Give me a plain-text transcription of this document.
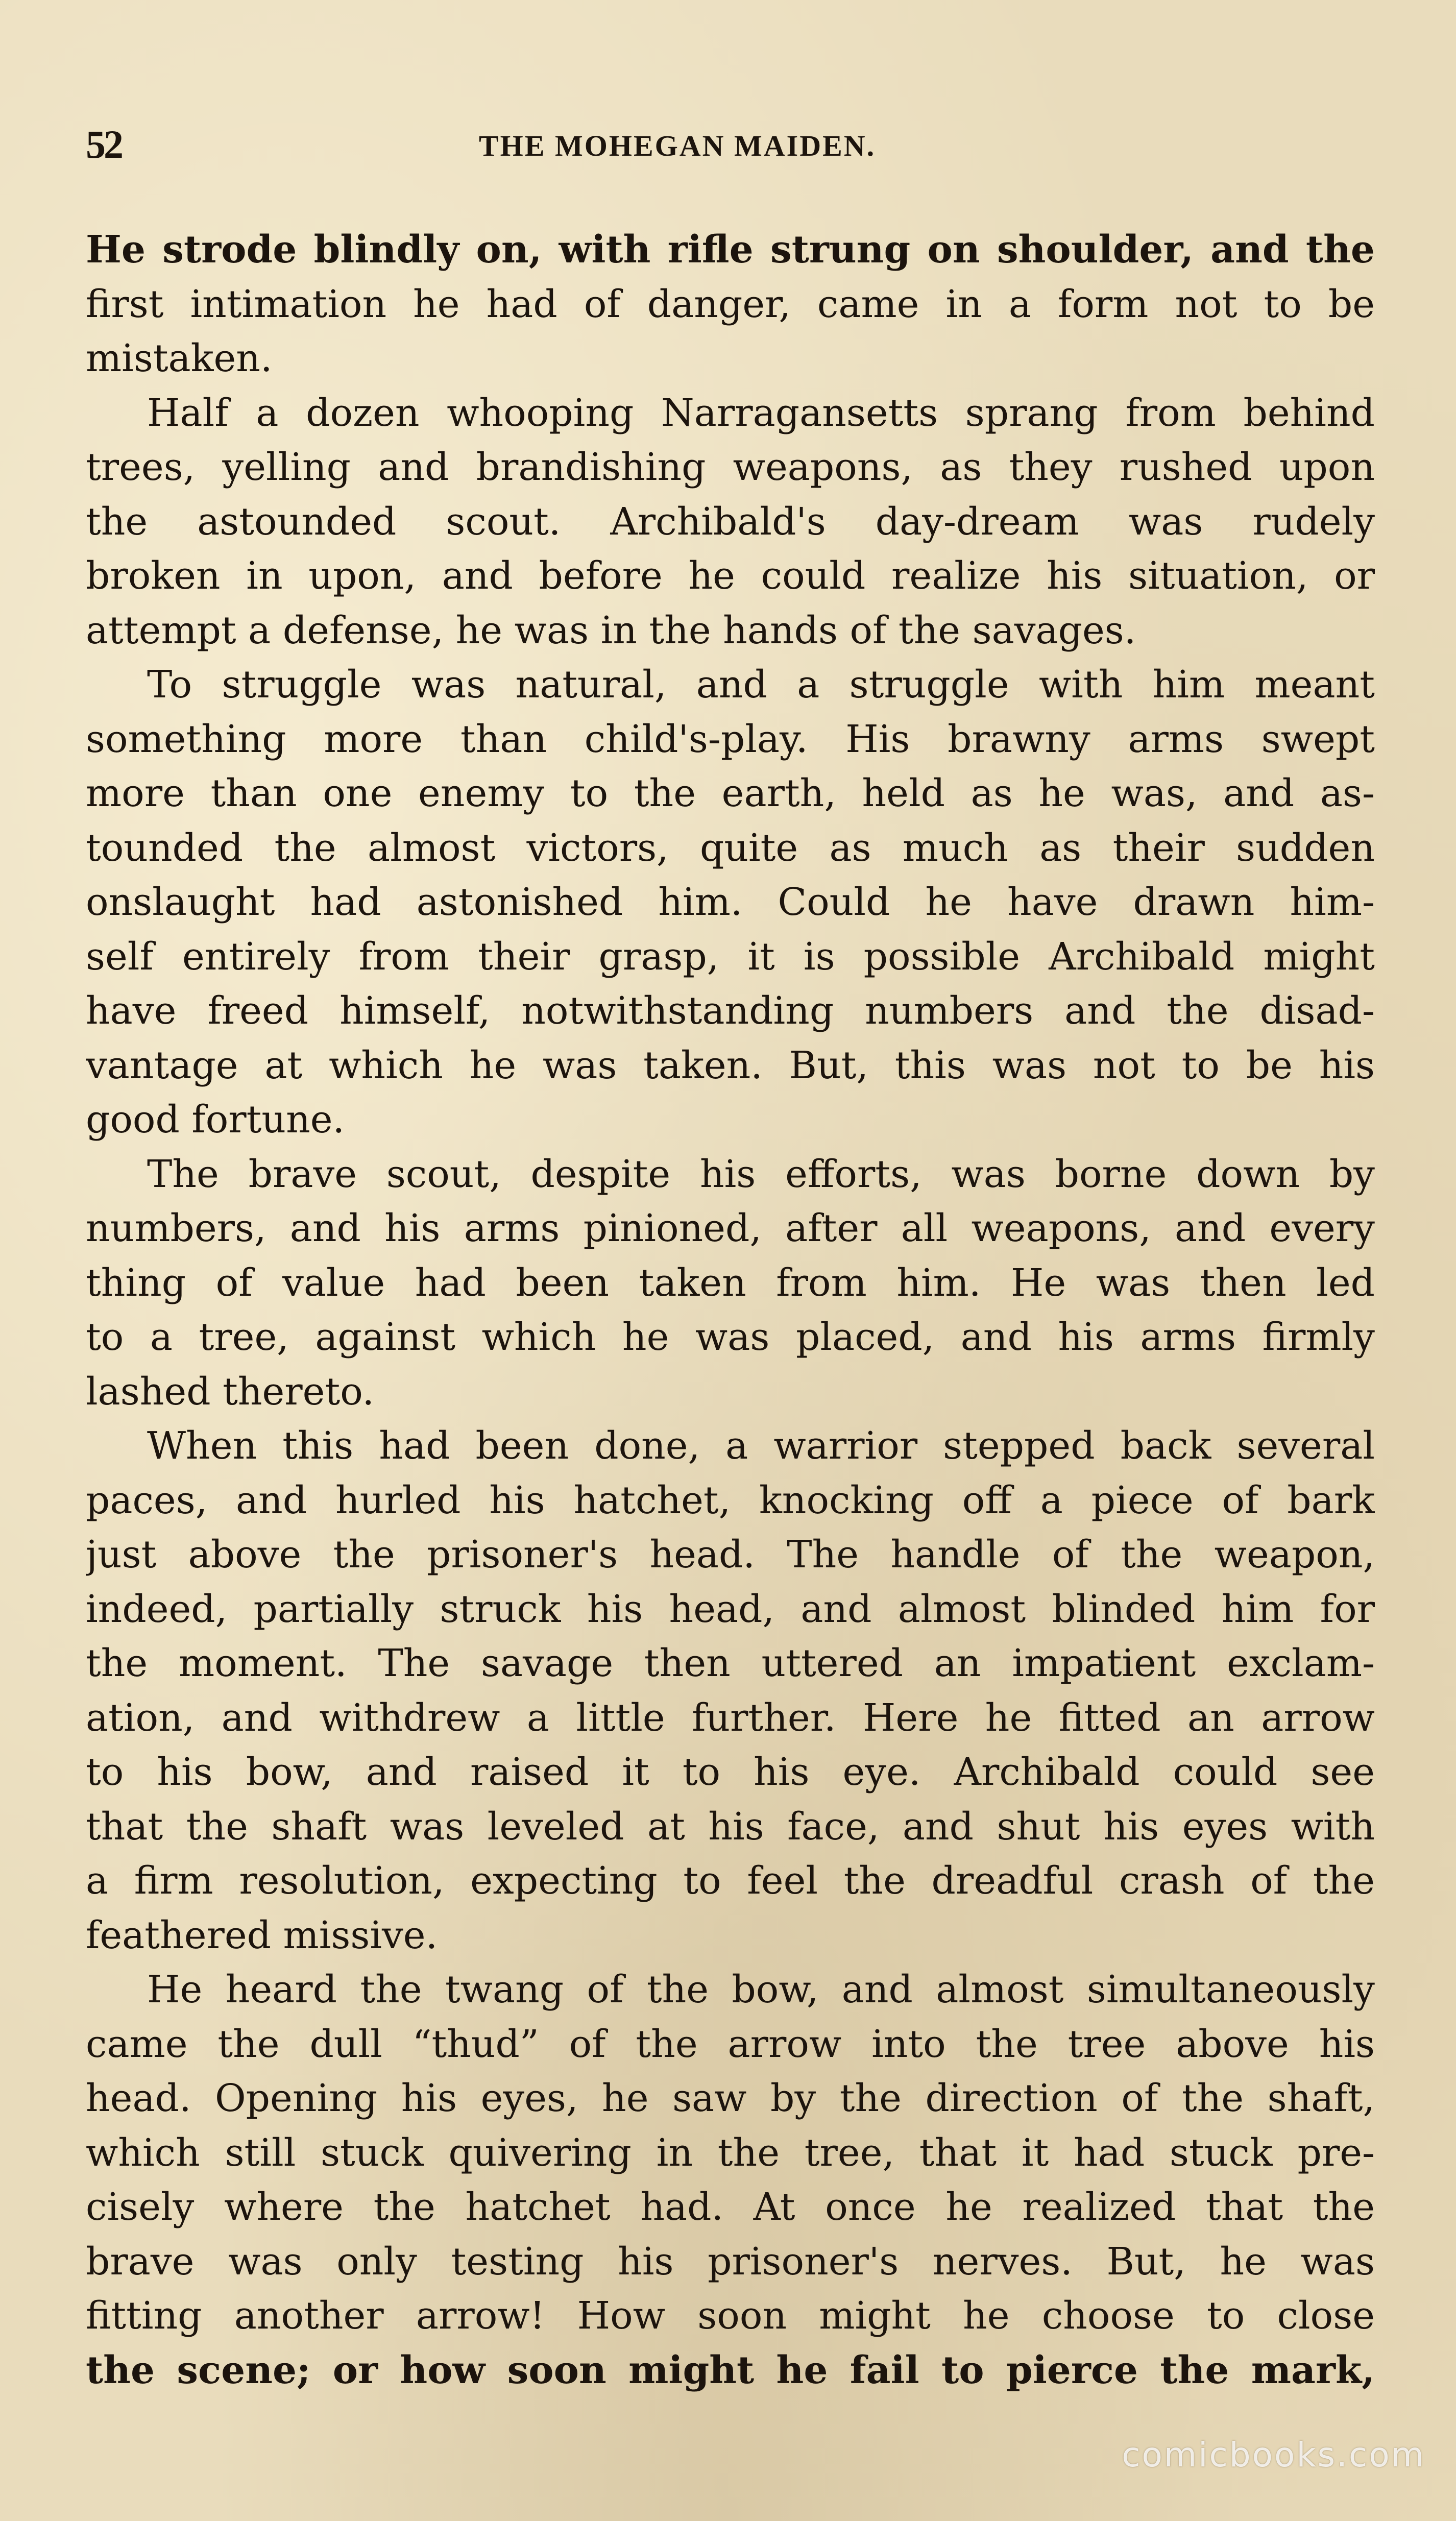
52	THE MOHEGAN MAIDEN.
He strode blindly on, with rifle strung on shoulder, and the
first intimation he had of danger, came in a form not to be
mistaken.
Half a dozen whooping Narragansetts sprang from behind
trees, yelling and brandishing weapons, as they rushed upon
the astounded scout. Archibald's day-dream was rudely
broken in upon, and before he could realize his situation, or
attempt a defense, he was in the hands of the savages.
To struggle was natural, and a struggle with him meant
something more than child's-play. His brawny arms swept
more than one enemy to the earth, held as he was, and as-
tounded the almost victors, quite as much as their sudden
onslaught had astonished him. Could he have drawn him-
self entirely from their grasp, it is possible Archibald might
have freed himself, notwithstanding numbers and the disad-
vantage at which he was taken. But, this was not to be his
good fortune.
The brave scout, despite his efforts, was borne down by
numbers, and his arms pinioned, after all weapons, and every
thing of value had been taken from him. He was then led
to a tree, against which he was placed, and his arms firmly
lashed thereto.
When this had been done, a warrior stepped back several
paces, and hurled his hatchet, knocking off a piece of bark
just above the prisoner's head. The handle of the weapon,
indeed, partially struck his head, and almost blinded him for
the moment. The savage then uttered an impatient exclam-
ation, and withdrew a little further. Here he fitted an arrow
to his bow, and raised it to his eye. Archibald could see
that the shaft was leveled at his face, and shut his eyes with
a firm resolution, expecting to feel the dreadful crash of the
feathered missive.
He heard the twang of the bow, and almost simultaneously
came the dull “thud” of the arrow into the tree above his
head. Opening his eyes, he saw by the direction of the shaft,
which still stuck quivering in the tree, that it had stuck pre-
cisely where the hatchet had. At once he realized that the
brave was only testing his prisoner's nerves. But, he was
fitting another arrow! How soon might he choose to close
the scene; or how soon might he fail to pierce the mark,
comicbooks.com
